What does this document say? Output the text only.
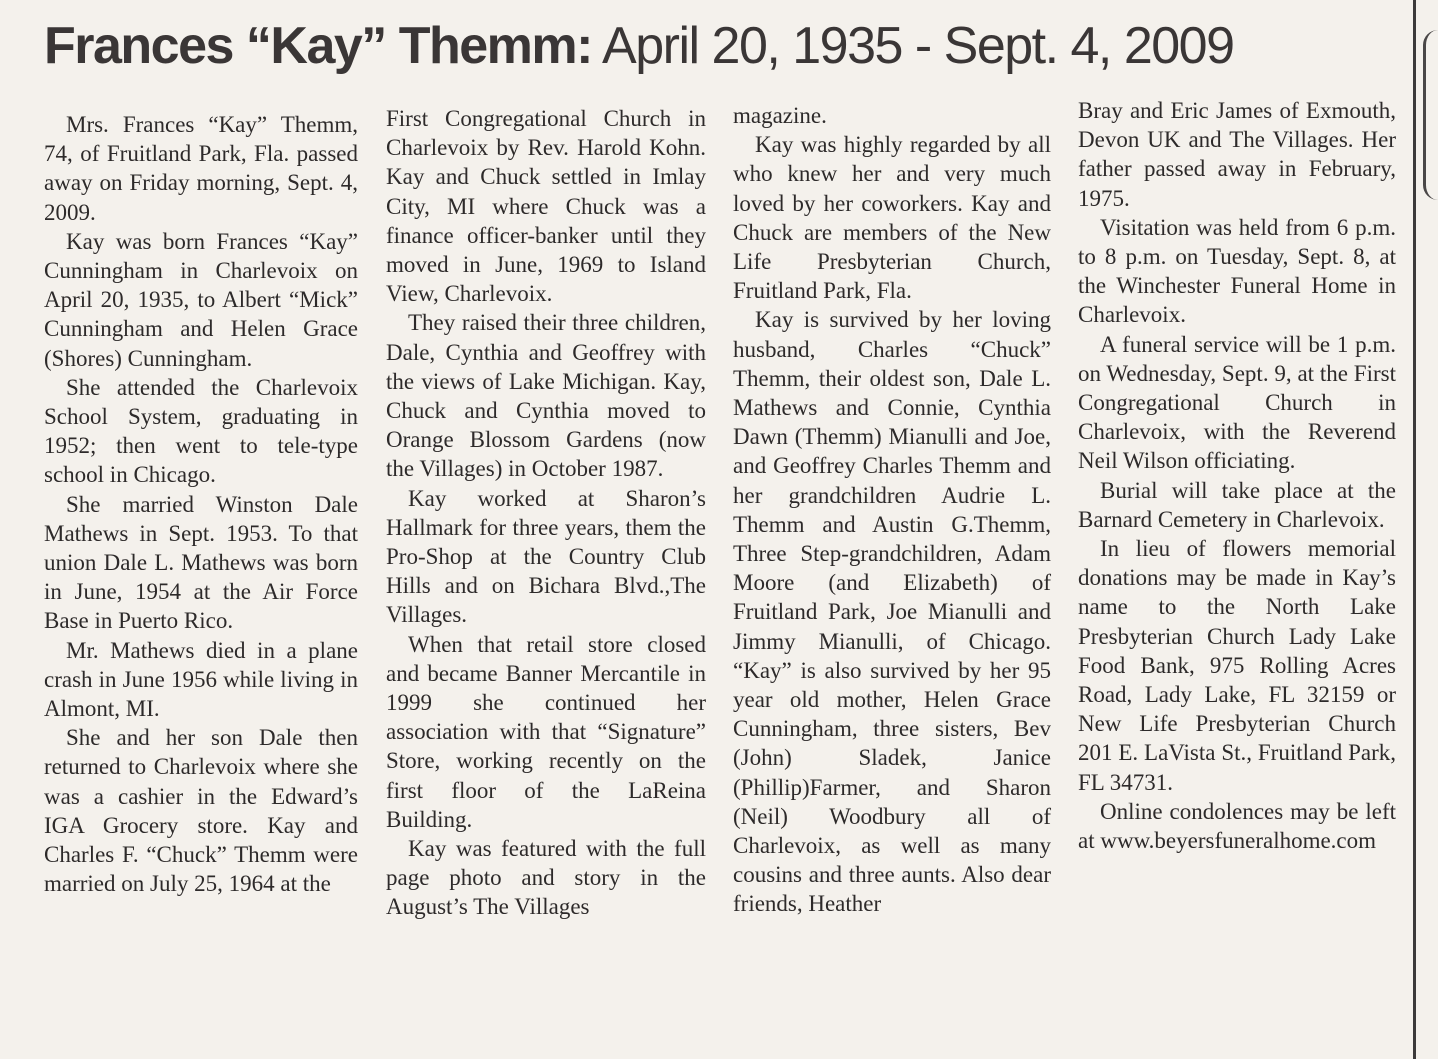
Frances “Kay” Themm: April 20, 1935 - Sept. 4, 2009

Mrs. Frances “Kay” Themm, 74, of Fruitland Park, Fla. passed away on Friday morning, Sept. 4, 2009.

Kay was born Frances “Kay” Cunningham in Charlevoix on April 20, 1935, to Albert “Mick” Cunningham and Helen Grace (Shores) Cunningham.

She attended the Charlevoix School System, graduating in 1952; then went to tele-type school in Chicago.

She married Winston Dale Mathews in Sept. 1953. To that union Dale L. Mathews was born in June, 1954 at the Air Force Base in Puerto Rico.

Mr. Mathews died in a plane crash in June 1956 while living in Almont, MI.

She and her son Dale then returned to Charlevoix where she was a cashier in the Edward’s IGA Grocery store. Kay and Charles F. “Chuck” Themm were married on July 25, 1964 at the

First Congregational Church in Charlevoix by Rev. Harold Kohn. Kay and Chuck settled in Imlay City, MI where Chuck was a finance officer-banker until they moved in June, 1969 to Island View, Charlevoix.

They raised their three children, Dale, Cynthia and Geoffrey with the views of Lake Michigan. Kay, Chuck and Cynthia moved to Orange Blossom Gardens (now the Villages) in October 1987.

Kay worked at Sharon’s Hallmark for three years, them the Pro-Shop at the Country Club Hills and on Bichara Blvd.,The Villages.

When that retail store closed and became Banner Mercantile in 1999 she continued her association with that “Signature” Store, working recently on the first floor of the LaReina Building.

Kay was featured with the full page photo and story in the August’s The Villages

magazine.

Kay was highly regarded by all who knew her and very much loved by her coworkers. Kay and Chuck are members of the New Life Presbyterian Church, Fruitland Park, Fla.

Kay is survived by her loving husband, Charles “Chuck” Themm, their oldest son, Dale L. Mathews and Connie, Cynthia Dawn (Themm) Mianulli and Joe, and Geoffrey Charles Themm and her grandchildren Audrie L. Themm and Austin G.Themm, Three Step-grandchildren, Adam Moore (and Elizabeth) of Fruitland Park, Joe Mianulli and Jimmy Mianulli, of Chicago. “Kay” is also survived by her 95 year old mother, Helen Grace Cunningham, three sisters, Bev (John) Sladek, Janice (Phillip)Farmer, and Sharon (Neil) Woodbury all of Charlevoix, as well as many cousins and three aunts. Also dear friends, Heather

Bray and Eric James of Exmouth, Devon UK and The Villages. Her father passed away in February, 1975.

Visitation was held from 6 p.m. to 8 p.m. on Tuesday, Sept. 8, at the Winchester Funeral Home in Charlevoix.

A funeral service will be 1 p.m. on Wednesday, Sept. 9, at the First Congregational Church in Charlevoix, with the Reverend Neil Wilson officiating.

Burial will take place at the Barnard Cemetery in Charlevoix.

In lieu of flowers memorial donations may be made in Kay’s name to the North Lake Presbyterian Church Lady Lake Food Bank, 975 Rolling Acres Road, Lady Lake, FL 32159 or New Life Presbyterian Church 201 E. LaVista St., Fruitland Park, FL 34731.

Online condolences may be left at www.beyersfuneralhome.com
